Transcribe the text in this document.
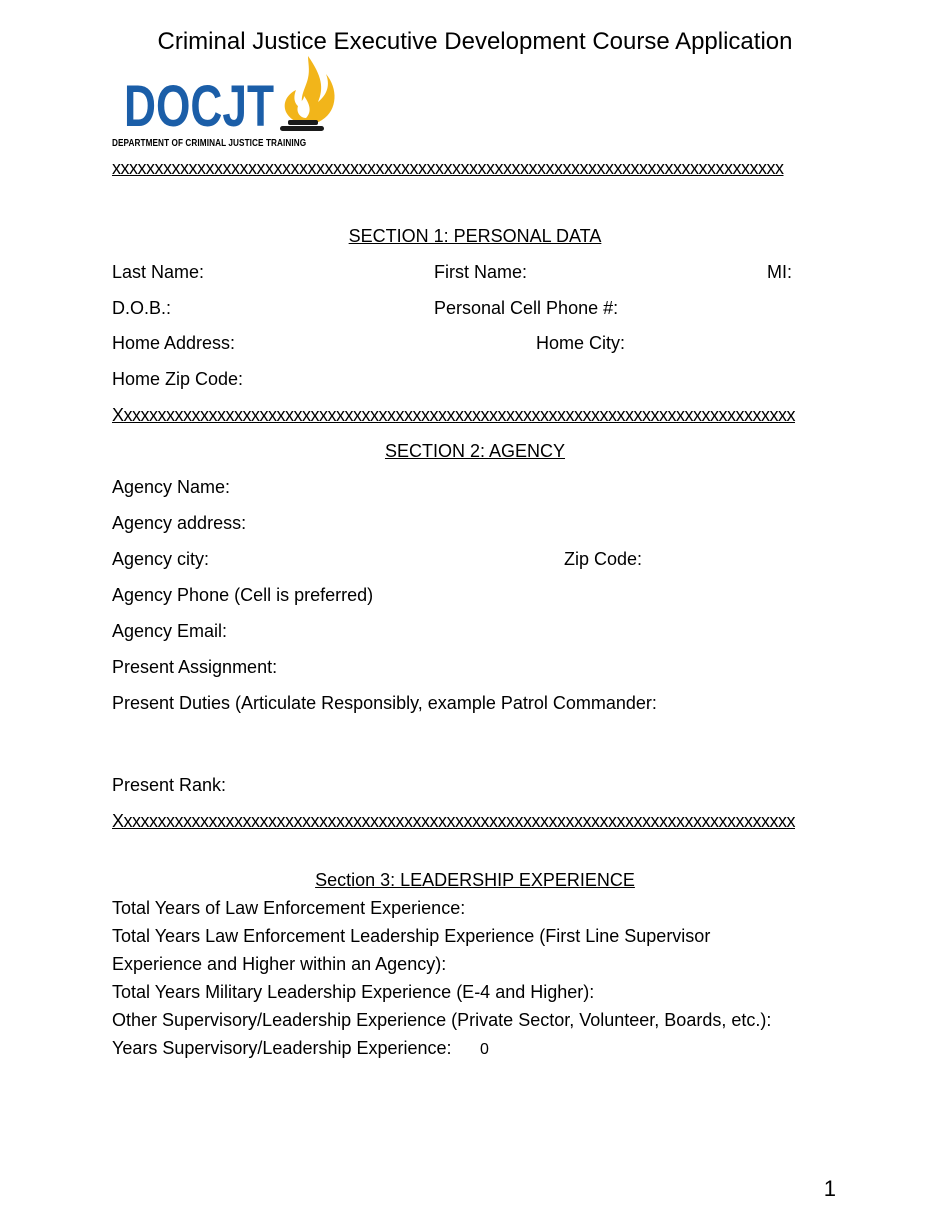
Criminal Justice Executive Development Course Application
DOCJT
DEPARTMENT OF CRIMINAL JUSTICE TRAINING
xxxxxxxxxxxxxxxxxxxxxxxxxxxxxxxxxxxxxxxxxxxxxxxxxxxxxxxxxxxxxxxxxxxxxxxxxxxxxxx
SECTION 1: PERSONAL DATA
Last Name:	First Name:	MI:
D.O.B.:	Personal Cell Phone #:
Home Address:	Home City:
Home Zip Code:
Xxxxxxxxxxxxxxxxxxxxxxxxxxxxxxxxxxxxxxxxxxxxxxxxxxxxxxxxxxxxxxxxxxxxxxxxxxxxxxxx
SECTION 2: AGENCY
Agency Name:
Agency address:
Agency city:	Zip Code:
Agency Phone (Cell is preferred)
Agency Email:
Present Assignment:
Present Duties (Articulate Responsibly, example Patrol Commander:
Present Rank:
Xxxxxxxxxxxxxxxxxxxxxxxxxxxxxxxxxxxxxxxxxxxxxxxxxxxxxxxxxxxxxxxxxxxxxxxxxxxxxxxx
Section 3: LEADERSHIP EXPERIENCE
Total Years of Law Enforcement Experience:
Total Years Law Enforcement Leadership Experience (First Line Supervisor
Experience and Higher within an Agency):
Total Years Military Leadership Experience (E-4 and Higher):
Other Supervisory/Leadership Experience (Private Sector, Volunteer, Boards, etc.):
Years Supervisory/Leadership Experience: 0
1
